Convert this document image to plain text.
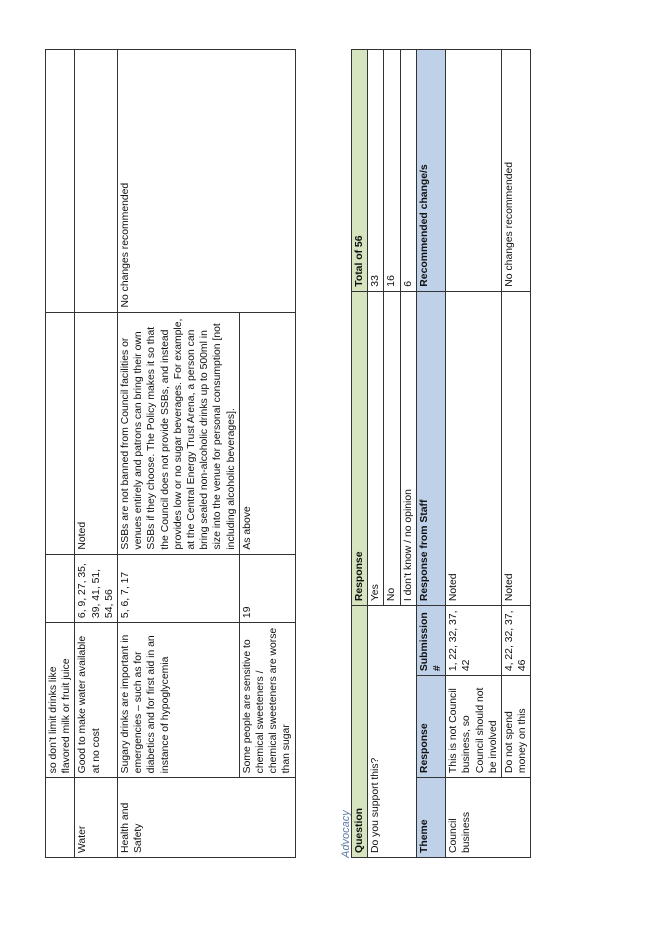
	so don’t limit drinks like flavored milk or fruit juice			
Water	Good to make water available at no cost	6, 9, 27, 35, 39, 41, 51, 54, 56	Noted	
Health and Safety	Sugary drinks are important in emergencies – such as for diabetics and for first aid in an instance of hypoglycemia	5, 6, 7, 17	SSBs are not banned from Council facilities or venues entirely and patrons can bring their own SSBs if they choose. The Policy makes it so that the Council does not provide SSBs, and instead provides low or no sugar beverages. For example, at the Central Energy Trust Arena, a person can bring sealed non-alcoholic drinks up to 500ml in size into the venue for personal consumption [not including alcoholic beverages].	No changes recommended
	Some people are sensitive to chemical sweeteners / chemical sweeteners are worse than sugar	19	As above	
Advocacy Question			Response	Total of 56
Do you support this?			Yes	33
			No	16
			I don’t know / no opinion	6
Theme	Response	Submission #	Response from Staff	Recommended change/s
Council business	This is not Council business, so Council should not be involved	1, 22, 32, 37, 42	Noted	
	Do not spend money on this	4, 22, 32, 37, 46	Noted	No changes recommended
